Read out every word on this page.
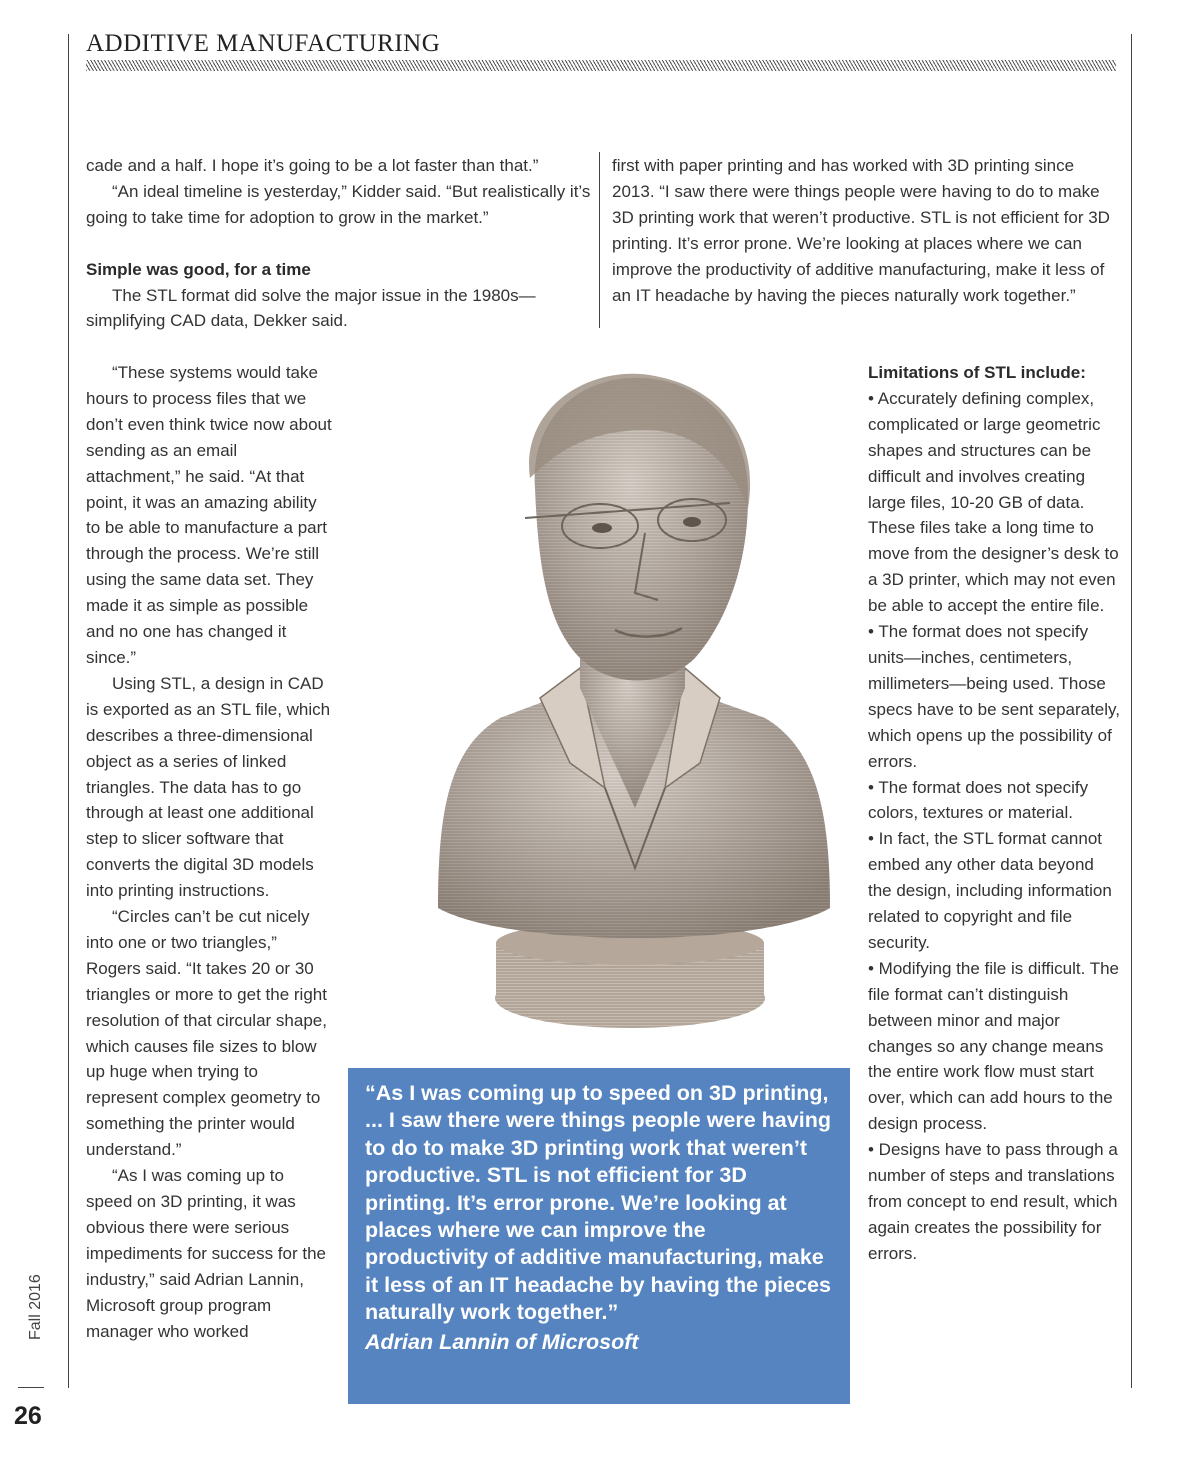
ADDITIVE MANUFACTURING
Fall 2016
26

cade and a half. I hope it’s going to be a lot faster than that.”

“An ideal timeline is yesterday,” Kidder said. “But realistically it’s going to take time for adoption to grow in the market.”

Simple was good, for a time

The STL format did solve the major issue in the 1980s—simplifying CAD data, Dekker said.

“These systems would take hours to process files that we don’t even think twice now about sending as an email attachment,” he said. “At that point, it was an amazing ability to be able to manufacture a part through the process. We’re still using the same data set. They made it as simple as possible and no one has changed it since.”

Using STL, a design in CAD is exported as an STL file, which describes a three-dimensional object as a series of linked triangles. The data has to go through at least one additional step to slicer software that converts the digital 3D models into printing instructions.

“Circles can’t be cut nicely into one or two triangles,” Rogers said. “It takes 20 or 30 triangles or more to get the right resolution of that circular shape, which causes file sizes to blow up huge when trying to represent complex geometry to something the printer would understand.”

“As I was coming up to speed on 3D printing, it was obvious there were serious impediments for success for the industry,” said Adrian Lannin, Microsoft group program manager who worked

first with paper printing and has worked with 3D printing since 2013. “I saw there were things people were having to do to make 3D printing work that weren’t productive. STL is not efficient for 3D printing. It’s error prone. We’re looking at places where we can improve the productivity of additive manufacturing, make it less of an IT headache by having the pieces naturally work together.”

“As I was coming up to speed on 3D printing, ... I saw there were things people were having to do to make 3D printing work that weren’t productive. STL is not efficient for 3D printing. It’s error prone. We’re looking at places where we can improve the productivity of additive manufacturing, make it less of an IT headache by having the pieces naturally work together.”

Adrian Lannin of Microsoft

Limitations of STL include:

• Accurately defining complex, complicated or large geometric shapes and structures can be difficult and involves creating large files, 10-20 GB of data. These files take a long time to move from the designer’s desk to a 3D printer, which may not even be able to accept the entire file.

• The format does not specify units—inches, centimeters, millimeters—being used. Those specs have to be sent separately, which opens up the possibility of errors.

• The format does not specify colors, textures or material.

• In fact, the STL format cannot embed any other data beyond the design, including information related to copyright and file security.

• Modifying the file is difficult. The file format can’t distinguish between minor and major changes so any change means the entire work flow must start over, which can add hours to the design process.

• Designs have to pass through a number of steps and translations from concept to end result, which again creates the possibility for errors.
